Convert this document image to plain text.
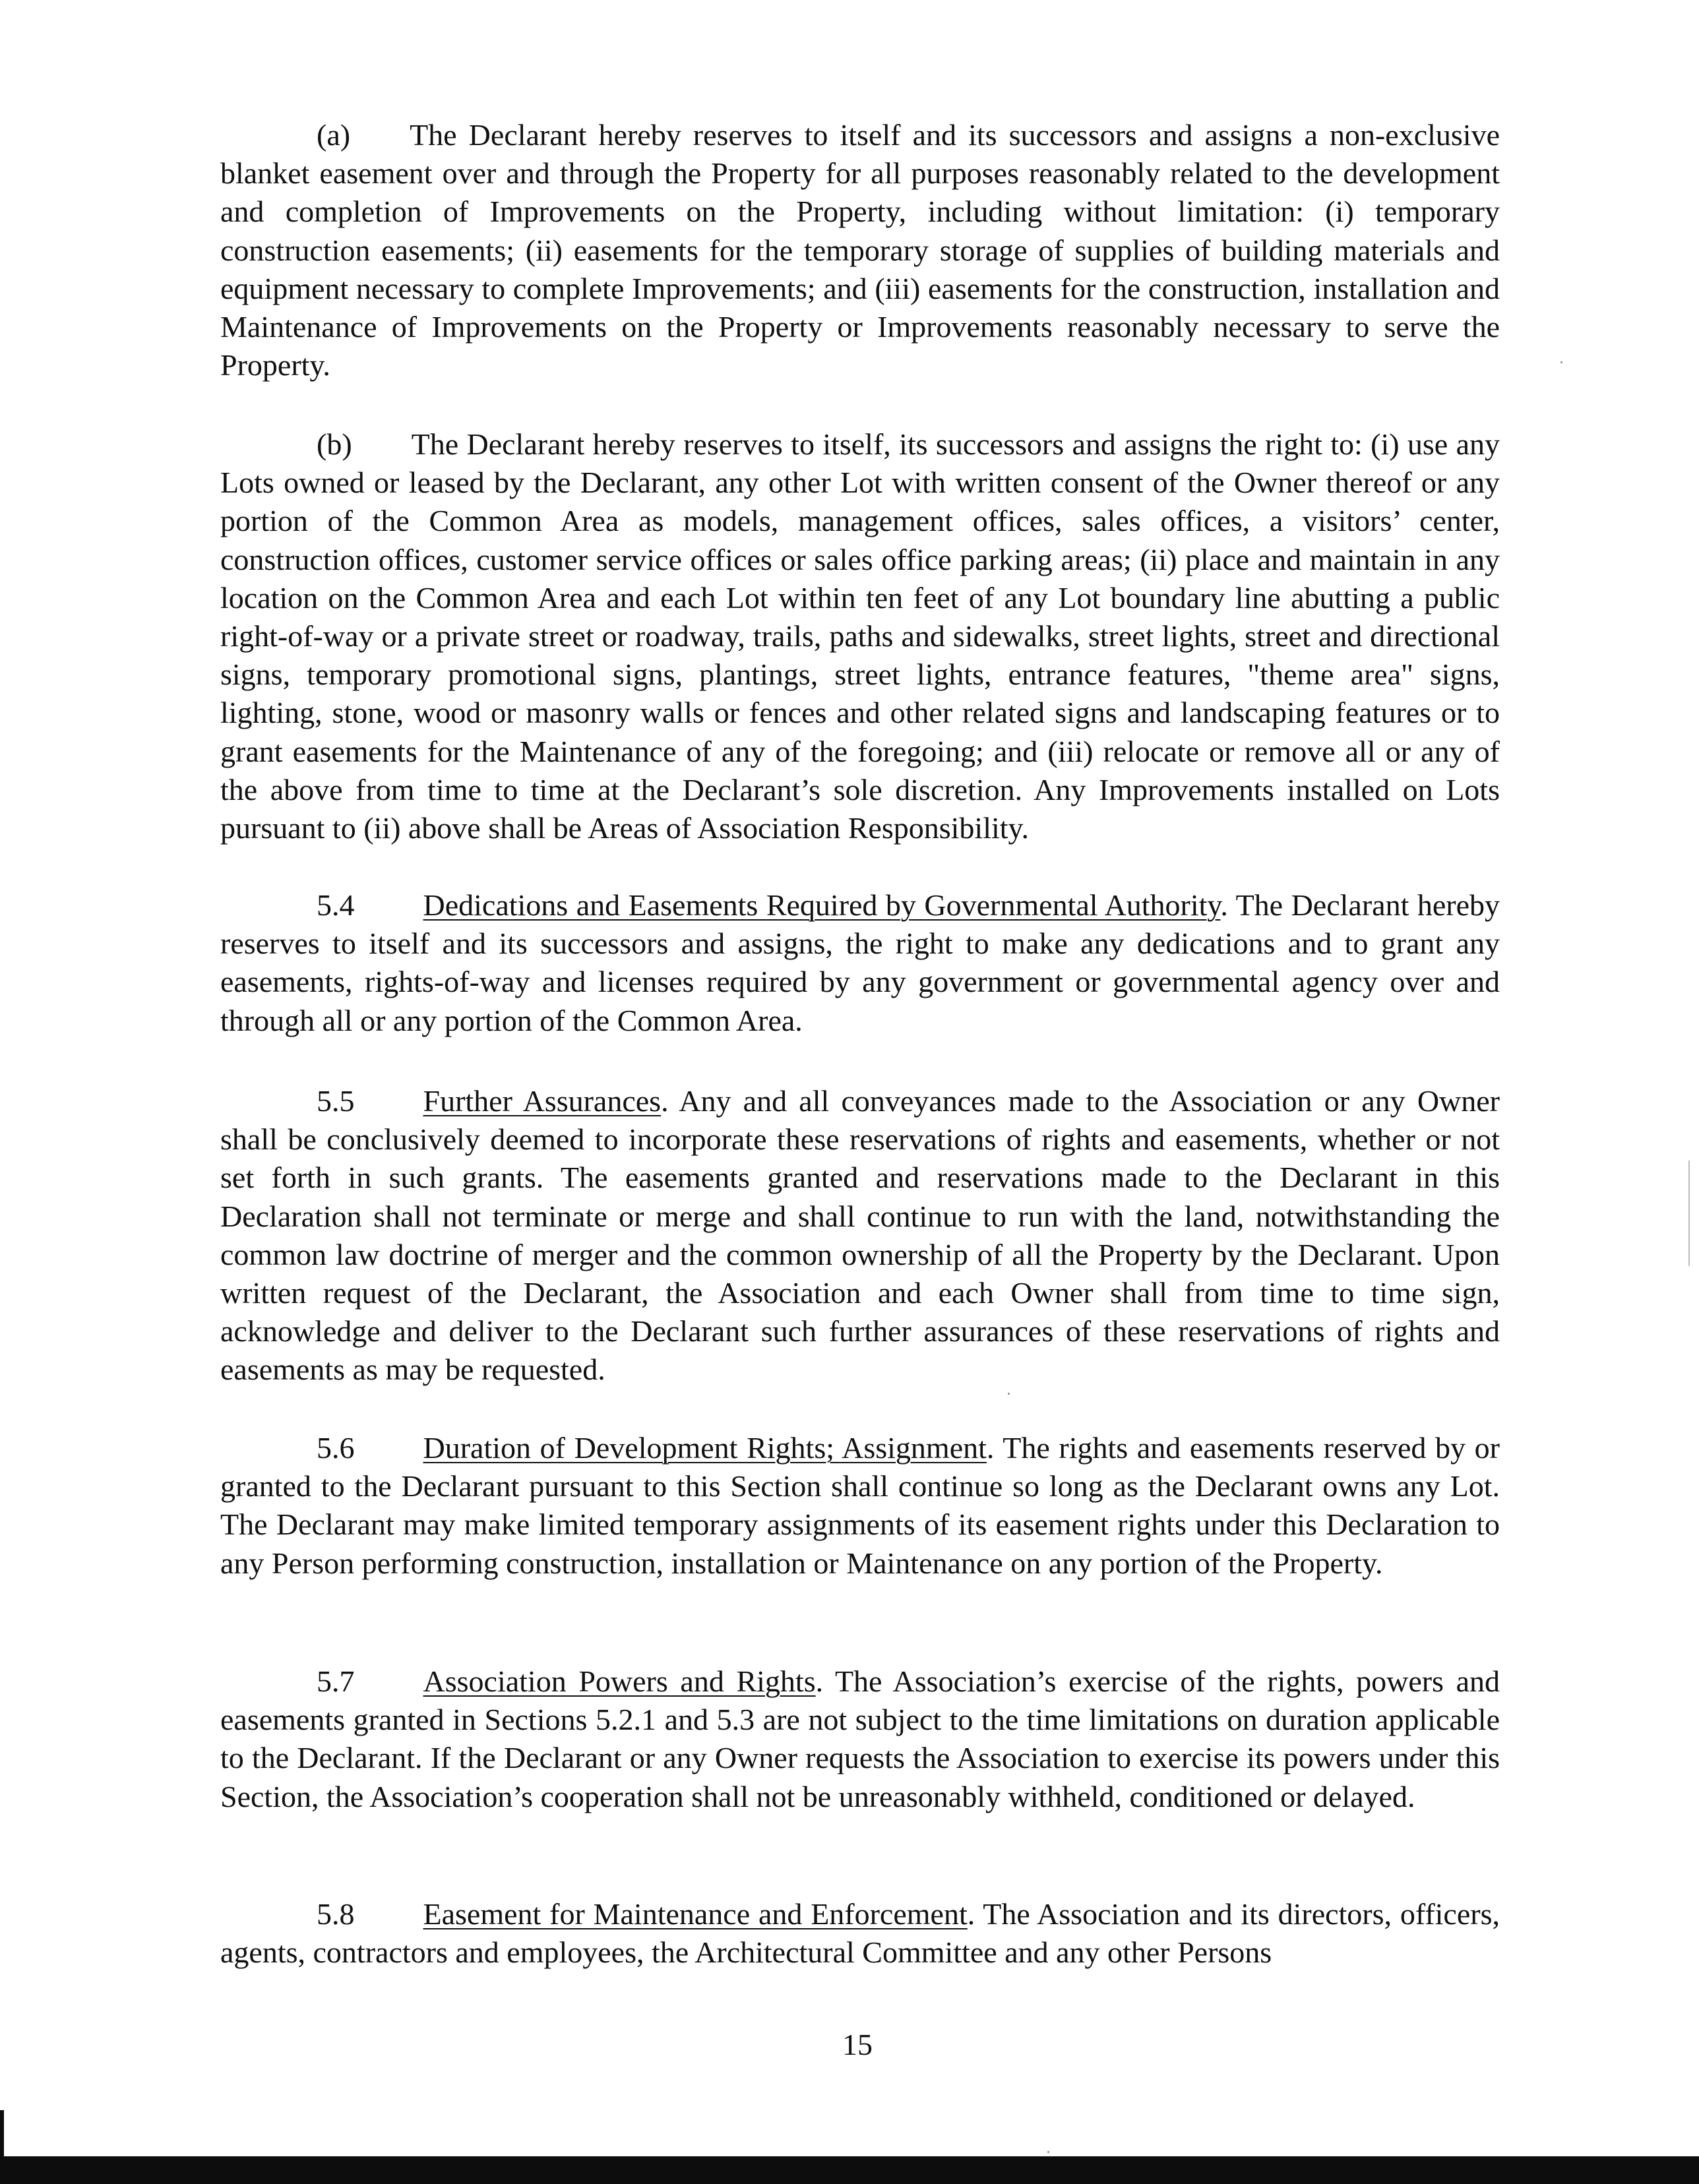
(a) The Declarant hereby reserves to itself and its successors and assigns a non-exclusive blanket easement over and through the Property for all purposes reasonably related to the development and completion of Improvements on the Property, including without limitation: (i) temporary construction easements; (ii) easements for the temporary storage of supplies of building materials and equipment necessary to complete Improvements; and (iii) easements for the construction, installation and Maintenance of Improvements on the Property or Improvements reasonably necessary to serve the Property.

(b) The Declarant hereby reserves to itself, its successors and assigns the right to: (i) use any Lots owned or leased by the Declarant, any other Lot with written consent of the Owner thereof or any portion of the Common Area as models, management offices, sales offices, a visitors’ center, construction offices, customer service offices or sales office parking areas; (ii) place and maintain in any location on the Common Area and each Lot within ten feet of any Lot boundary line abutting a public right-of-way or a private street or roadway, trails, paths and sidewalks, street lights, street and directional signs, temporary promotional signs, plantings, street lights, entrance features, "theme area" signs, lighting, stone, wood or masonry walls or fences and other related signs and landscaping features or to grant easements for the Maintenance of any of the foregoing; and (iii) relocate or remove all or any of the above from time to time at the Declarant’s sole discretion. Any Improvements installed on Lots pursuant to (ii) above shall be Areas of Association Responsibility.

5.4 Dedications and Easements Required by Governmental Authority. The Declarant hereby reserves to itself and its successors and assigns, the right to make any dedications and to grant any easements, rights-of-way and licenses required by any government or governmental agency over and through all or any portion of the Common Area.

5.5 Further Assurances. Any and all conveyances made to the Association or any Owner shall be conclusively deemed to incorporate these reservations of rights and easements, whether or not set forth in such grants. The easements granted and reservations made to the Declarant in this Declaration shall not terminate or merge and shall continue to run with the land, notwithstanding the common law doctrine of merger and the common ownership of all the Property by the Declarant. Upon written request of the Declarant, the Association and each Owner shall from time to time sign, acknowledge and deliver to the Declarant such further assurances of these reservations of rights and easements as may be requested.

5.6 Duration of Development Rights; Assignment. The rights and easements reserved by or granted to the Declarant pursuant to this Section shall continue so long as the Declarant owns any Lot. The Declarant may make limited temporary assignments of its easement rights under this Declaration to any Person performing construction, installation or Maintenance on any portion of the Property.

5.7 Association Powers and Rights. The Association’s exercise of the rights, powers and easements granted in Sections 5.2.1 and 5.3 are not subject to the time limitations on duration applicable to the Declarant. If the Declarant or any Owner requests the Association to exercise its powers under this Section, the Association’s cooperation shall not be unreasonably withheld, conditioned or delayed.

5.8 Easement for Maintenance and Enforcement. The Association and its directors, officers, agents, contractors and employees, the Architectural Committee and any other Persons

15
